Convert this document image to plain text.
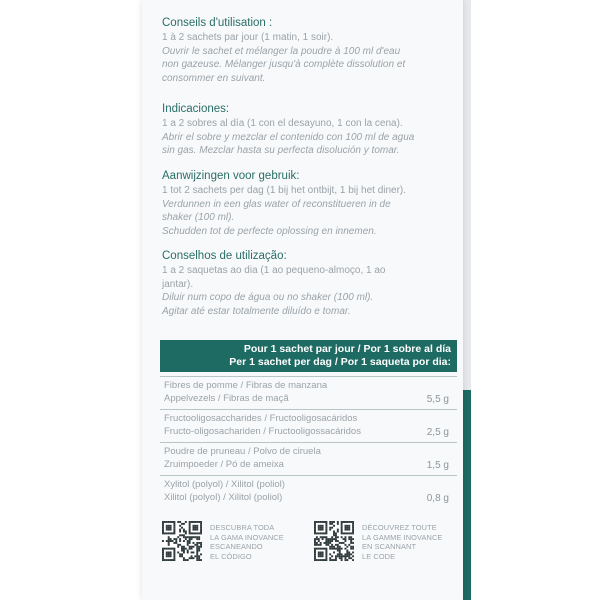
Conseils d'utilisation :
1 à 2 sachets par jour (1 matin, 1 soir).
Ouvrir le sachet et mélanger la poudre à 100 ml d'eau
non gazeuse. Mélanger jusqu'à complète dissolution et
consommer en suivant.
Indicaciones:
1 a 2 sobres al día (1 con el desayuno, 1 con la cena).
Abrir el sobre y mezclar el contenido con 100 ml de agua
sin gas. Mezclar hasta su perfecta disolución y tomar.
Aanwijzingen voor gebruik:
1 tot 2 sachets per dag (1 bij het ontbijt, 1 bij het diner).
Verdunnen in een glas water of reconstitueren in de
shaker (100 ml).
Schudden tot de perfecte oplossing en innemen.
Conselhos de utilização:
1 a 2 saquetas ao dia (1 ao pequeno-almoço, 1 ao
jantar).
Diluir num copo de água ou no shaker (100 ml).
Agitar até estar totalmente diluído e tomar.
Pour 1 sachet par jour / Por 1 sobre al día
Per 1 sachet per dag / Por 1 saqueta por dia:
Fibres de pomme / Fibras de manzana
Appelvezels / Fibras de maçã	5,5 g
Fructooligosaccharides / Fructooligosacáridos
Fructo-oligosachariden / Fructooligossacáridos	2,5 g
Poudre de pruneau / Polvo de ciruela
Zruimpoeder / Pó de ameixa	1,5 g
Xylitol (polyol) / Xilitol (poliol)
Xilitol (polyol) / Xilitol (poliol)	0,8 g
DESCUBRA TODA
LA GAMA INOVANCE
ESCANEANDO
EL CÓDIGO
DÉCOUVREZ TOUTE
LA GAMME INOVANCE
EN SCANNANT
LE CODE
